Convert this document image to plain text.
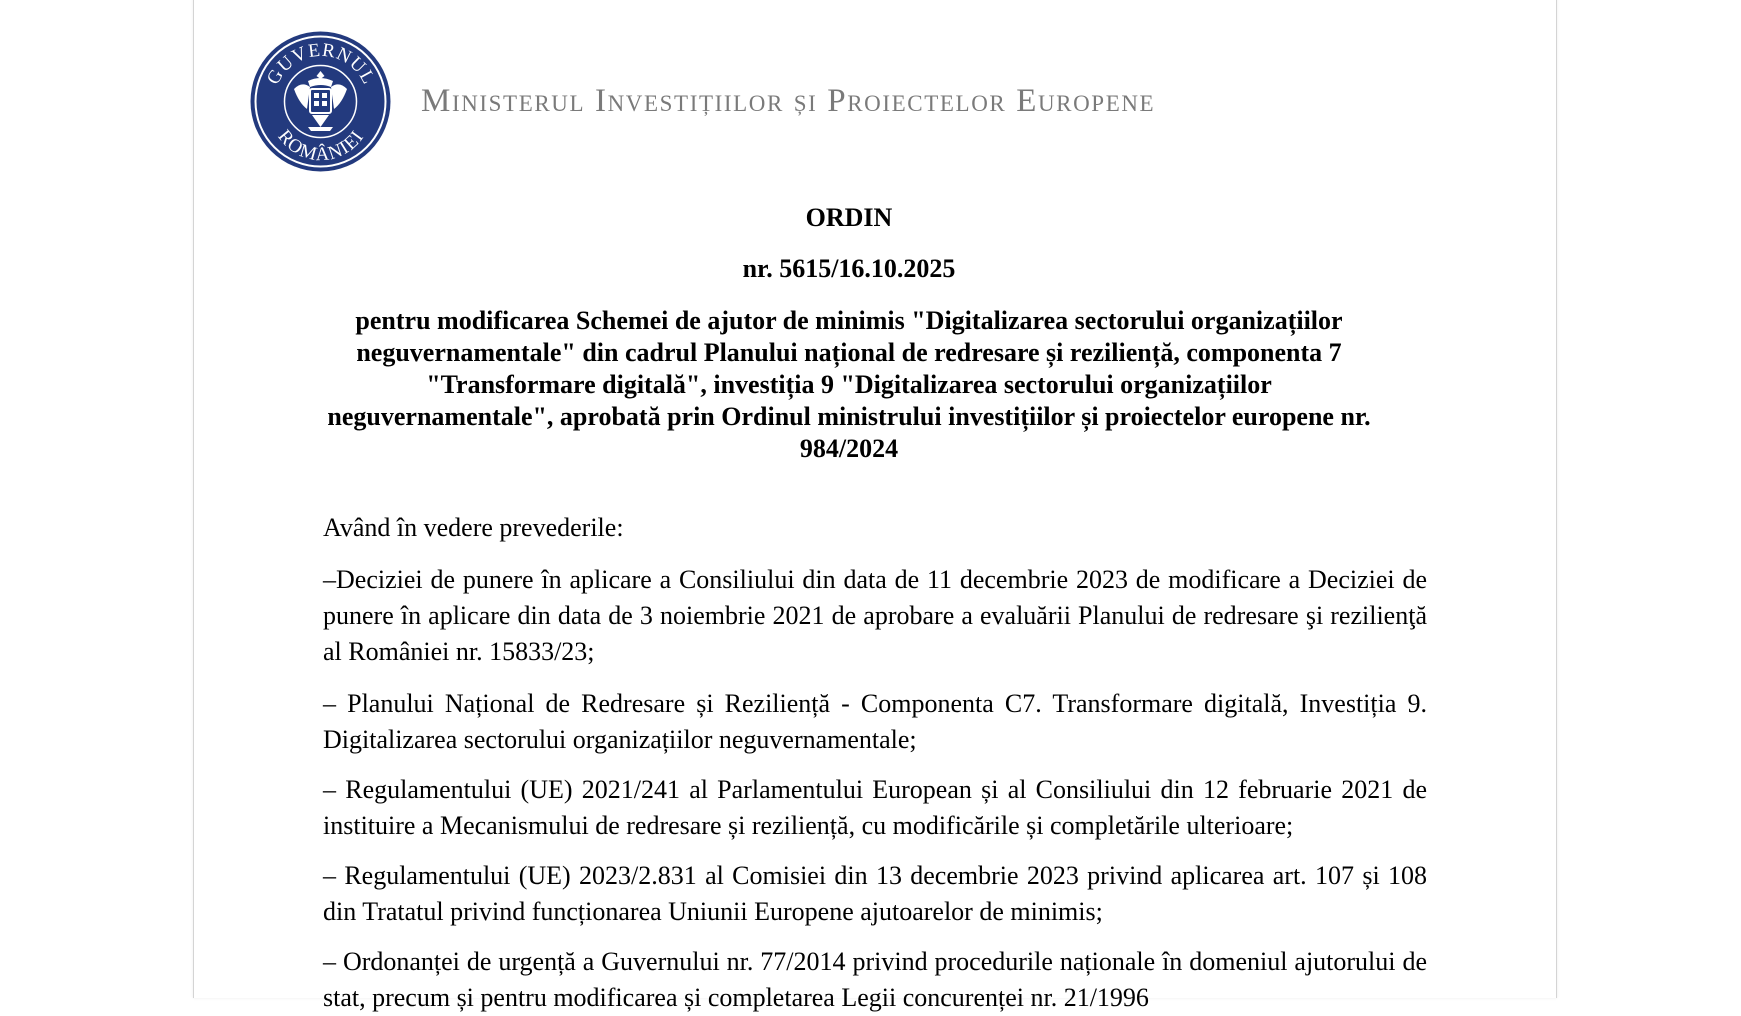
GUVERNUL
ROMÂNIEI
Ministerul Investițiilor și Proiectelor Europene
ORDIN
nr. 5615/16.10.2025
pentru modificarea Schemei de ajutor de minimis "Digitalizarea sectorului organizațiilor
neguvernamentale" din cadrul Planului național de redresare și reziliență, componenta 7
"Transformare digitală", investiția 9 "Digitalizarea sectorului organizațiilor
neguvernamentale", aprobată prin Ordinul ministrului investițiilor și proiectelor europene nr.
984/2024
Având în vedere prevederile:
–Deciziei de punere în aplicare a Consiliului din data de 11 decembrie 2023 de modificare a Deciziei de punere în aplicare din data de 3 noiembrie 2021 de aprobare a evaluării Planului de redresare şi rezilienţă al României nr. 15833/23;
– Planului Național de Redresare și Reziliență - Componenta C7. Transformare digitală, Investiția 9. Digitalizarea sectorului organizațiilor neguvernamentale;
– Regulamentului (UE) 2021/241 al Parlamentului European și al Consiliului din 12 februarie 2021 de instituire a Mecanismului de redresare și reziliență, cu modificările și completările ulterioare;
– Regulamentului (UE) 2023/2.831 al Comisiei din 13 decembrie 2023 privind aplicarea art. 107 și 108 din Tratatul privind funcționarea Uniunii Europene ajutoarelor de minimis;
– Ordonanței de urgență a Guvernului nr. 77/2014 privind procedurile naționale în domeniul ajutorului de stat, precum și pentru modificarea și completarea Legii concurenței nr. 21/1996
